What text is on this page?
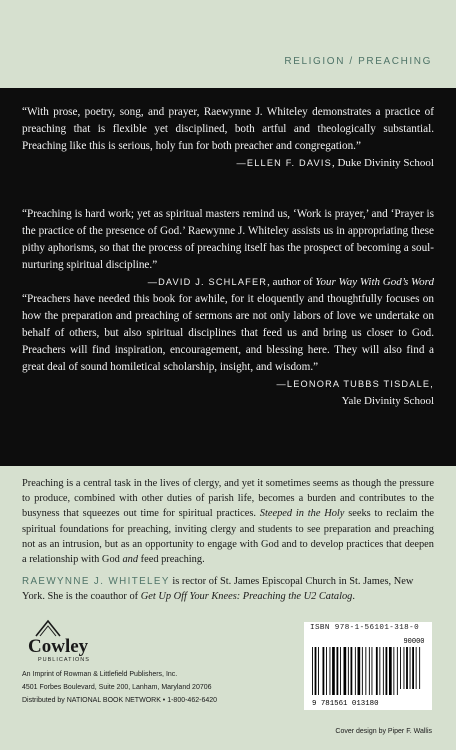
RELIGION / PREACHING
“With prose, poetry, song, and prayer, Raewynne J. Whiteley demonstrates a practice of preaching that is flexible yet disciplined, both artful and theologically substantial. Preaching like this is serious, holy fun for both preacher and congregation.”
—ELLEN F. DAVIS, Duke Divinity School
“Preaching is hard work; yet as spiritual masters remind us, ‘Work is prayer,’ and ‘Prayer is the practice of the presence of God.’ Raewynne J. Whiteley assists us in appropriating these pithy aphorisms, so that the process of preaching itself has the prospect of becoming a soul-nurturing spiritual discipline.”
—DAVID J. SCHLAFER, author of Your Way With God’s Word
“Preachers have needed this book for awhile, for it eloquently and thoughtfully focuses on how the preparation and preaching of sermons are not only labors of love we undertake on behalf of others, but also spiritual disciplines that feed us and bring us closer to God. Preachers will find inspiration, encouragement, and blessing here. They will also find a great deal of sound homiletical scholarship, insight, and wisdom.”
—LEONORA TUBBS TISDALE,
Yale Divinity School
Preaching is a central task in the lives of clergy, and yet it sometimes seems as though the pressure to produce, combined with other duties of parish life, becomes a burden and contributes to the busyness that squeezes out time for spiritual practices. Steeped in the Holy seeks to reclaim the spiritual foundations for preaching, inviting clergy and students to see preparation and preaching not as an intrusion, but as an opportunity to engage with God and to develop practices that deepen a relationship with God and feed preaching.
RAEWYNNE J. WHITELEY is rector of St. James Episcopal Church in St. James, New York. She is the coauthor of Get Up Off Your Knees: Preaching the U2 Catalog.
Cowley
PUBLICATIONS
An Imprint of Rowman & Littlefield Publishers, Inc.
4501 Forbes Boulevard, Suite 200, Lanham, Maryland 20706
Distributed by NATIONAL BOOK NETWORK • 1-800-462-6420
ISBN 978-1-56101-318-0
90000
9 781561 013180
Cover design by Piper F. Wallis
